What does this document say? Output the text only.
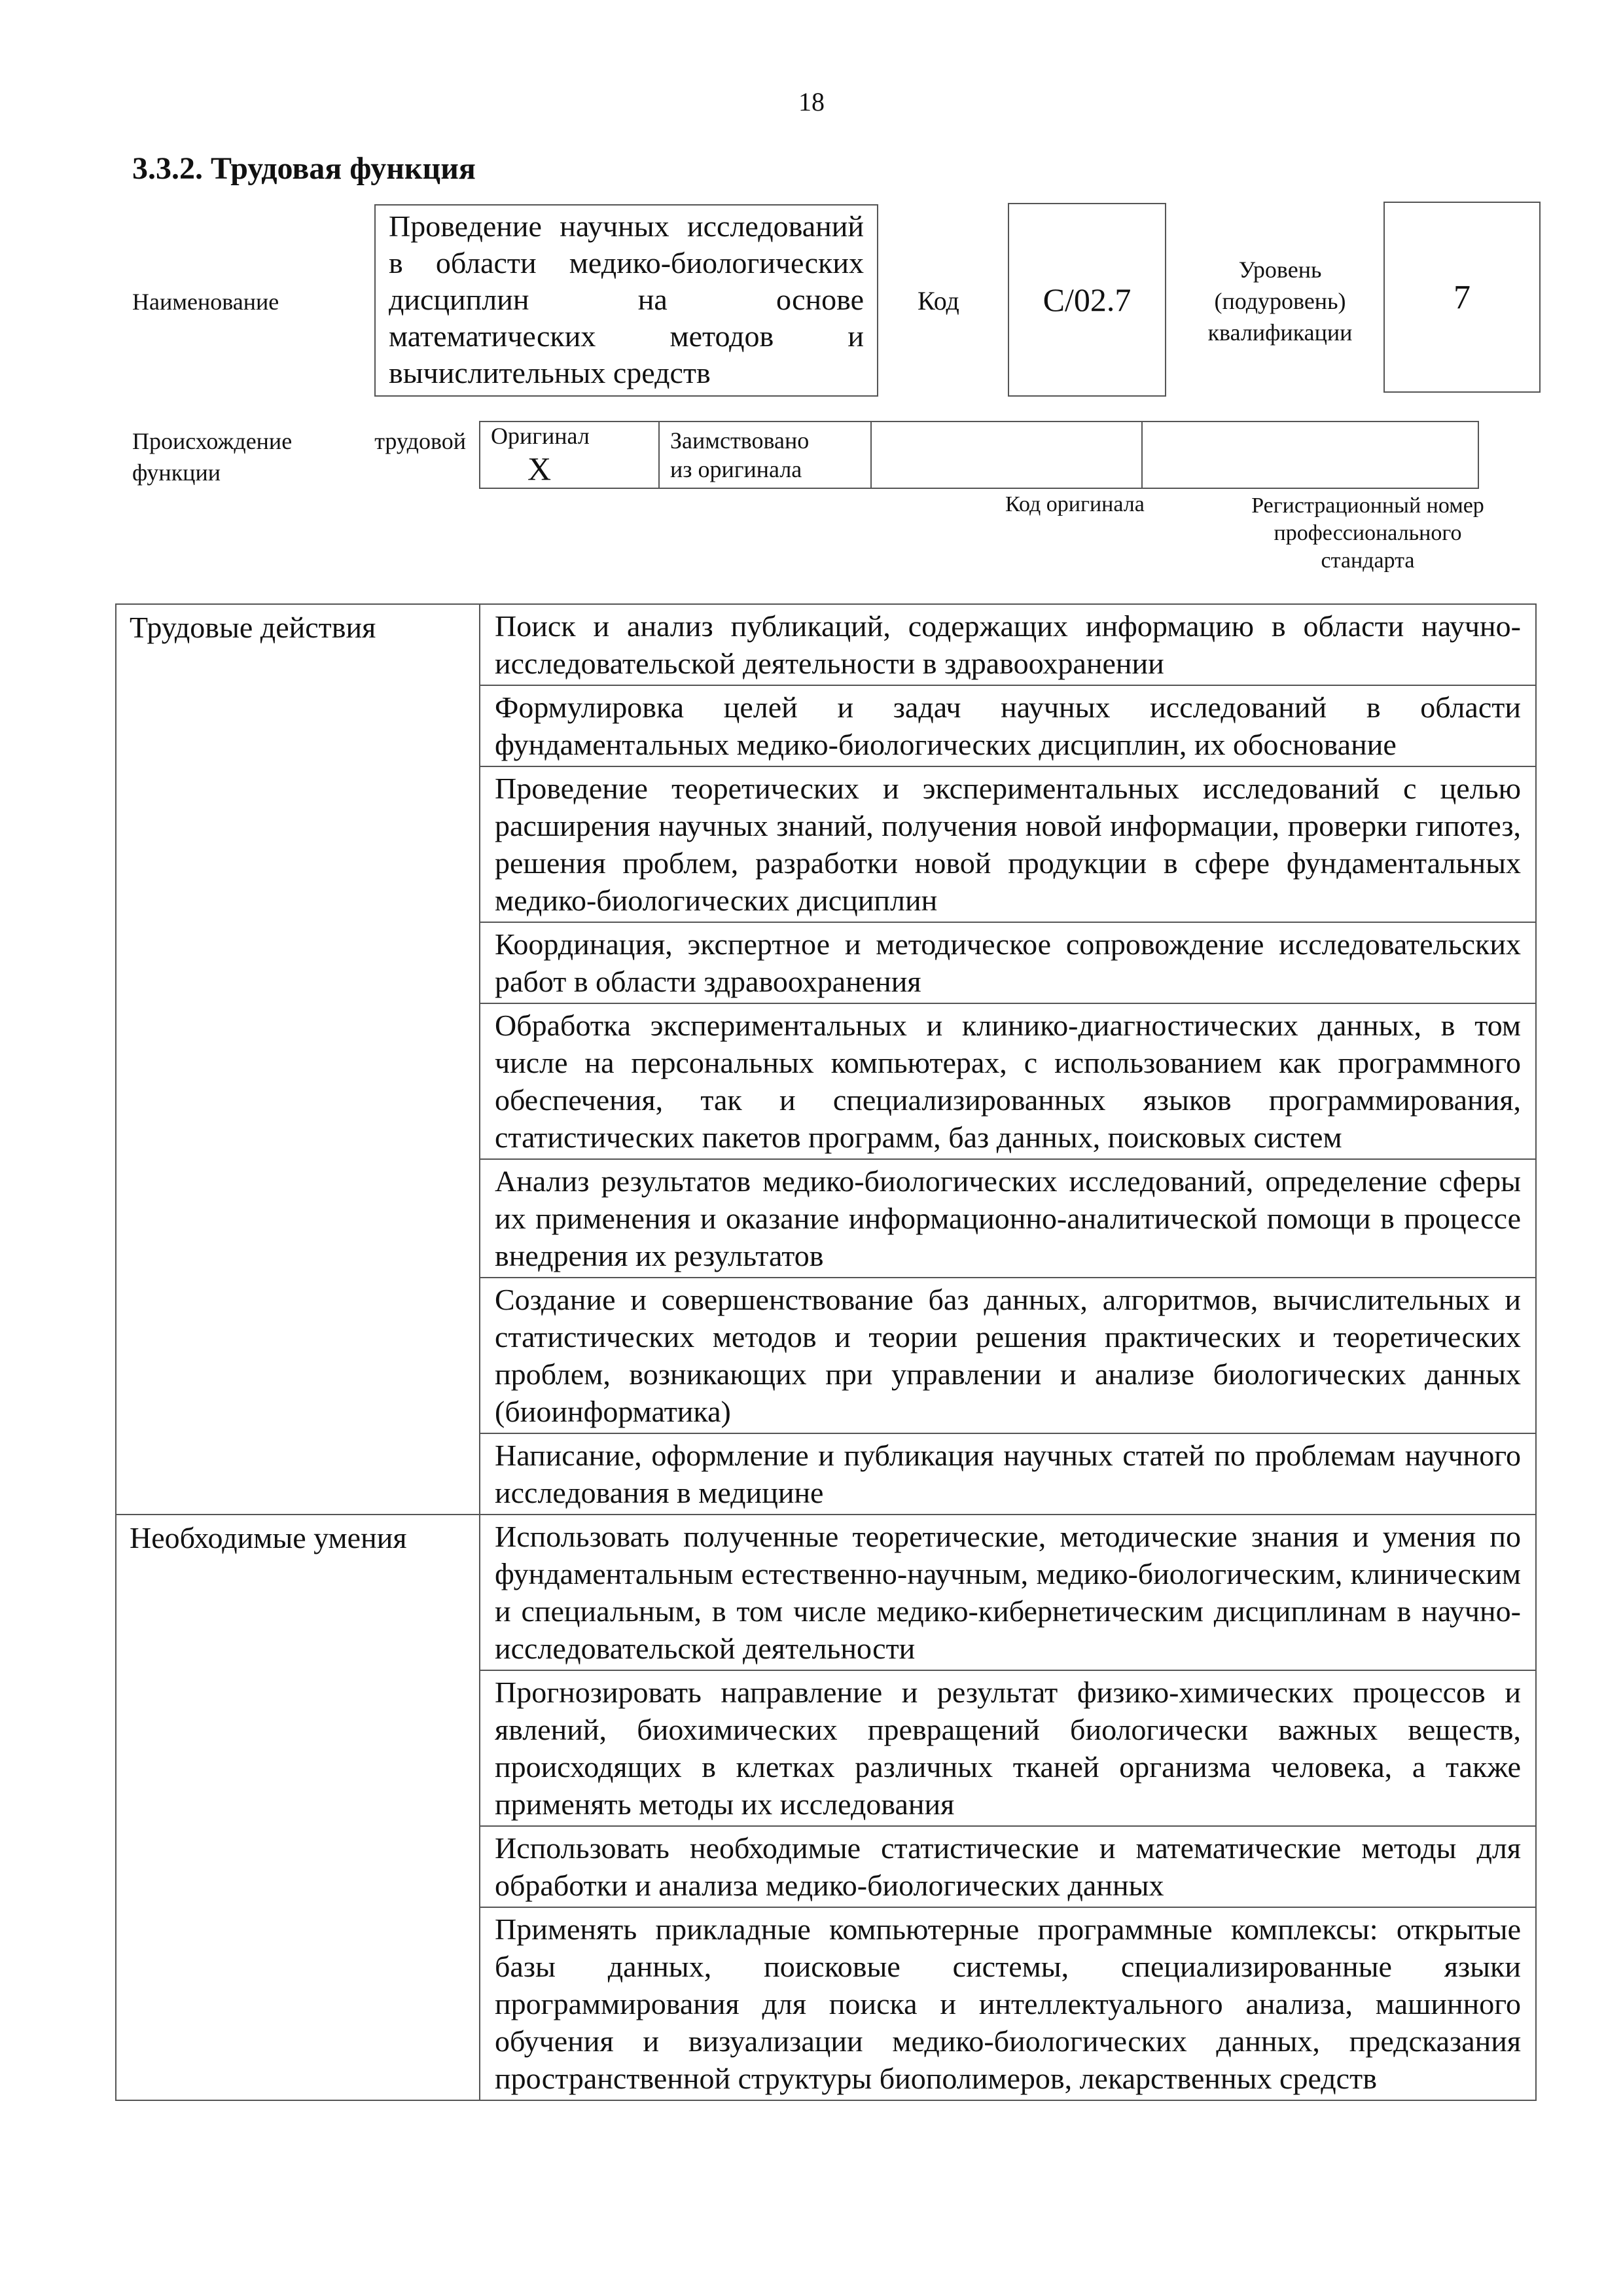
18
3.3.2. Трудовая функция
Наименование
Проведение научных исследований в области медико-биологических дисциплин на основе математических методов и вычислительных средств
Код	C/02.7
Уровень
(подуровень)
квалификации
7
Происхождение	трудовой
функции
Оригинал X	
Заимствовано
из оригинала

Код оригинала	Регистрационный номер профессионального стандарта
Трудовые действия	Поиск и анализ публикаций, содержащих информацию в области научно-исследовательской деятельности в здравоохранении
	Формулировка целей и задач научных исследований в области фундаментальных медико-биологических дисциплин, их обоснование
	Проведение теоретических и экспериментальных исследований с целью расширения научных знаний, получения новой информации, проверки гипотез, решения проблем, разработки новой продукции в сфере фундаментальных медико-биологических дисциплин
	Координация, экспертное и методическое сопровождение исследовательских работ в области здравоохранения
	Обработка экспериментальных и клинико-диагностических данных, в том числе на персональных компьютерах, с использованием как программного обеспечения, так и специализированных языков программирования, статистических пакетов программ, баз данных, поисковых систем
	Анализ результатов медико-биологических исследований, определение сферы их применения и оказание информационно-аналитической помощи в процессе внедрения их результатов
	Создание и совершенствование баз данных, алгоритмов, вычислительных и статистических методов и теории решения практических и теоретических проблем, возникающих при управлении и анализе биологических данных (биоинформатика)
	Написание, оформление и публикация научных статей по проблемам научного исследования в медицине
Необходимые умения	Использовать полученные теоретические, методические знания и умения по фундаментальным естественно-научным, медико-биологическим, клиническим и специальным, в том числе медико-кибернетическим дисциплинам в научно-исследовательской деятельности
	Прогнозировать направление и результат физико-химических процессов и явлений, биохимических превращений биологически важных веществ, происходящих в клетках различных тканей организма человека, а также применять методы их исследования
	Использовать необходимые статистические и математические методы для обработки и анализа медико-биологических данных
	Применять прикладные компьютерные программные комплексы: открытые базы данных, поисковые системы, специализированные языки программирования для поиска и интеллектуального анализа, машинного обучения и визуализации медико-биологических данных, предсказания пространственной структуры биополимеров, лекарственных средств
